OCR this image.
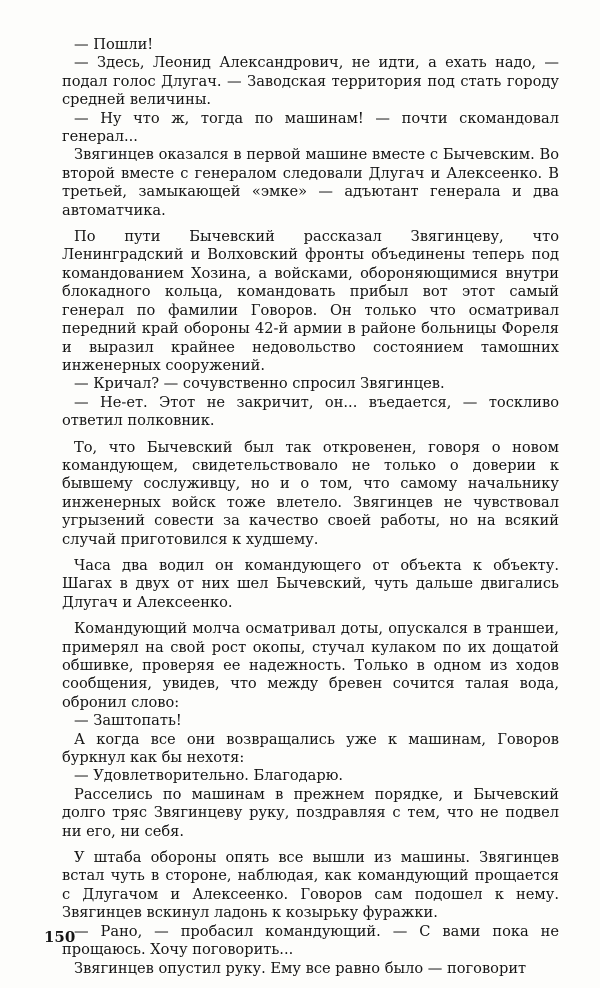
— Пошли!

— Здесь, Леонид Александрович, не идти, а ехать надо, — подал голос Длугач. — Заводская территория под стать городу средней величины.

— Ну что ж, тогда по машинам! — почти скомандовал генерал...

Звягинцев оказался в первой машине вместе с Бычевским. Во второй вместе с генералом следовали Длугач и Алексеенко. В третьей, замыкающей «эмке» — адъютант генерала и два автоматчика.

По пути Бычевский рассказал Звягинцеву, что Ленинградский и Волховский фронты объединены теперь под командованием Хозина, а войсками, обороняющимися внутри блокадного кольца, командовать прибыл вот этот самый генерал по фамилии Говоров. Он только что осматривал передний край обороны 42-й армии в районе больницы Фореля и выразил крайнее недовольство состоянием тамошних инженерных сооружений.

— Кричал? — сочувственно спросил Звягинцев.

— Не-ет. Этот не закричит, он... въедается, — тоскливо ответил полковник.

То, что Бычевский был так откровенен, говоря о новом командующем, свидетельствовало не только о доверии к бывшему сослуживцу, но и о том, что самому начальнику инженерных войск тоже влетело. Звягинцев не чувствовал угрызений совести за качество своей работы, но на всякий случай приготовился к худшему.

Часа два водил он командующего от объекта к объекту. Шагах в двух от них шел Бычевский, чуть дальше двигались Длугач и Алексеенко.

Командующий молча осматривал доты, опускался в траншеи, примерял на свой рост окопы, стучал кулаком по их дощатой обшивке, проверяя ее надежность. Только в одном из ходов сообщения, увидев, что между бревен сочится талая вода, обронил слово:

— Заштопать!

А когда все они возвращались уже к машинам, Говоров буркнул как бы нехотя:

— Удовлетворительно. Благодарю.

Расселись по машинам в прежнем порядке, и Бычевский долго тряс Звягинцеву руку, поздравляя с тем, что не подвел ни его, ни себя.

У штаба обороны опять все вышли из машины. Звягинцев встал чуть в стороне, наблюдая, как командующий прощается с Длугачом и Алексеенко. Говоров сам подошел к нему. Звягинцев вскинул ладонь к козырьку фуражки.

— Рано, — пробасил командующий. — С вами пока не прощаюсь. Хочу поговорить...

Звягинцев опустил руку. Ему все равно было — поговорит

150
